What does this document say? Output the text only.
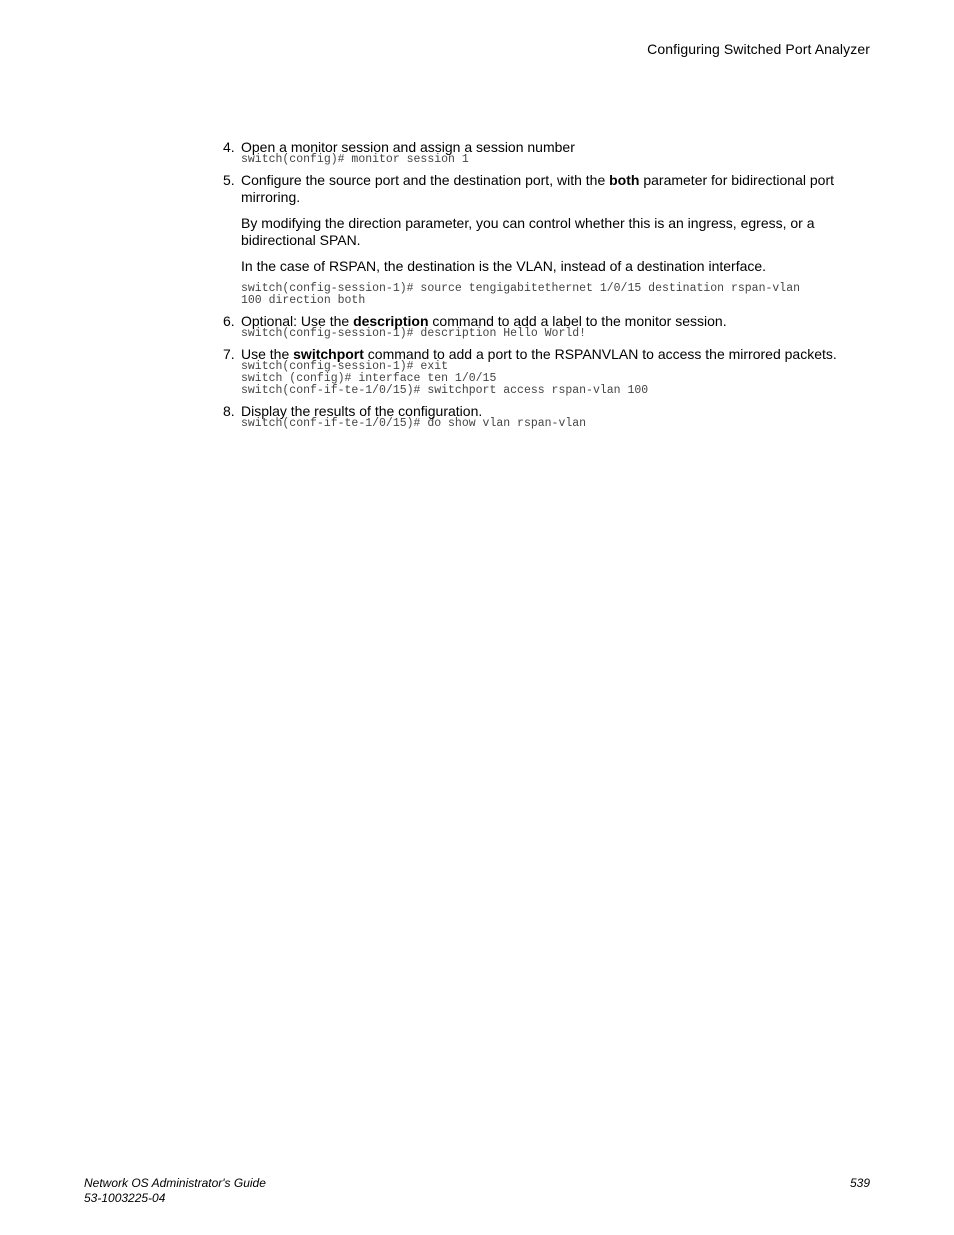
Configuring Switched Port Analyzer
4. Open a monitor session and assign a session number
switch(config)# monitor session 1
5. Configure the source port and the destination port, with the both parameter for bidirectional port mirroring.
By modifying the direction parameter, you can control whether this is an ingress, egress, or a bidirectional SPAN.
In the case of RSPAN, the destination is the VLAN, instead of a destination interface.
switch(config-session-1)# source tengigabitethernet 1/0/15 destination rspan-vlan
100 direction both
6. Optional: Use the description command to add a label to the monitor session.
switch(config-session-1)# description Hello World!
7. Use the switchport command to add a port to the RSPANVLAN to access the mirrored packets.
switch(config-session-1)# exit
switch (config)# interface ten 1/0/15
switch(conf-if-te-1/0/15)# switchport access rspan-vlan 100
8. Display the results of the configuration.
switch(conf-if-te-1/0/15)# do show vlan rspan-vlan
Network OS Administrator's Guide
53-1003225-04
539
